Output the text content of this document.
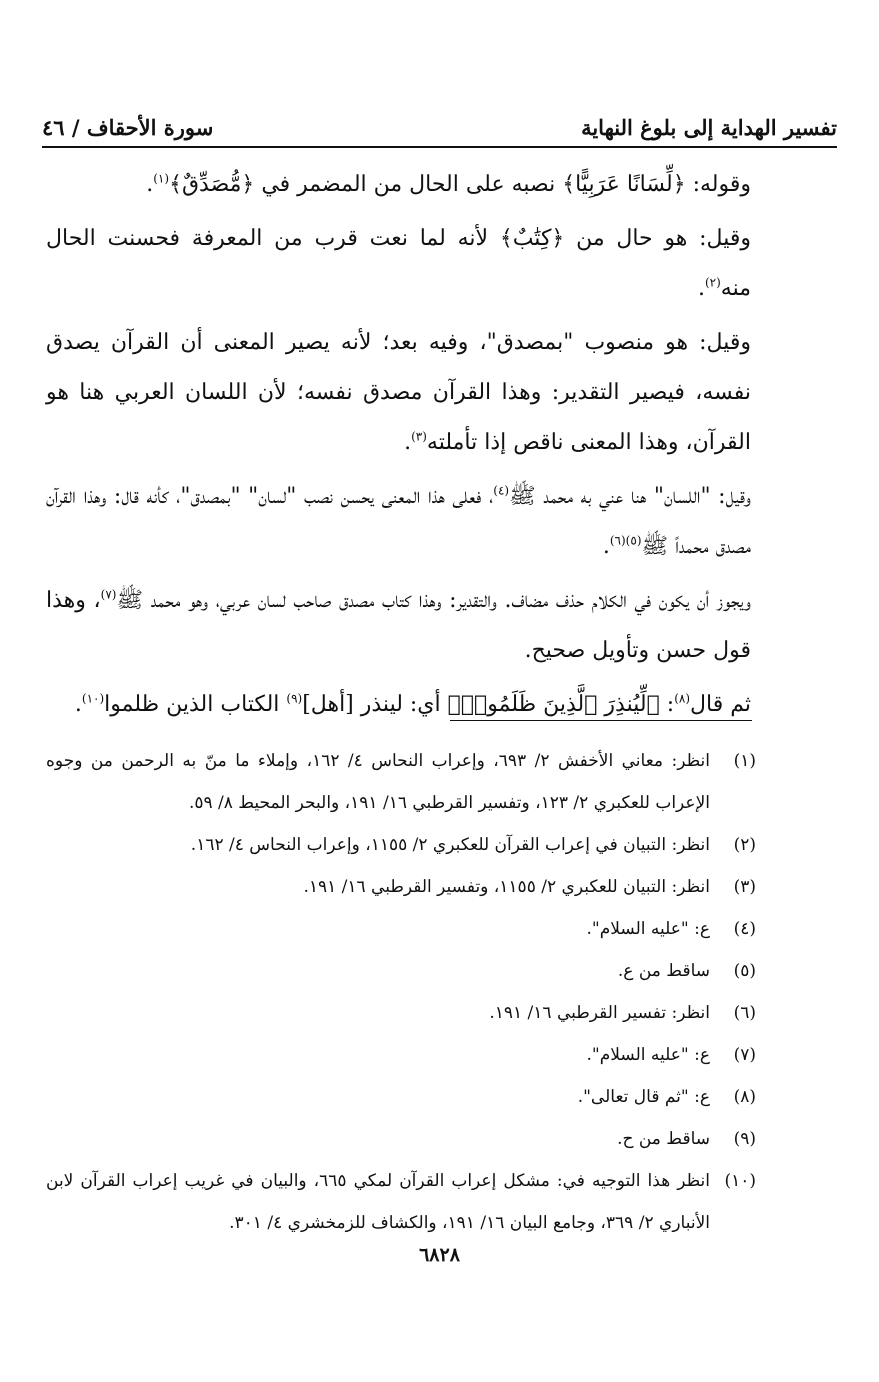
تفسير الهداية إلى بلوغ النهاية
سورة الأحقاف / ٤٦

وقوله: ﴿لِّسَانًا عَرَبِيًّا﴾ نصبه على الحال من المضمر في ﴿مُّصَدِّقٌ﴾$^{(١)}$.

وقيل: هو حال من ﴿كِتَٰبٌ﴾ لأنه لما نعت قرب من المعرفة فحسنت الحال منه$^{(٢)}$.

وقيل: هو منصوب "بمصدق"، وفيه بعد؛ لأنه يصير المعنى أن القرآن يصدق نفسه، فيصير التقدير: وهذا القرآن مصدق نفسه؛ لأن اللسان العربي هنا هو القرآن، وهذا المعنى ناقص إذا تأملته$^{(٣)}$.

وقيل: "اللسان" هنا عني به محمد ﷺ$^{(٤)}$، فعلى هذا المعنى يحسن نصب "لسان" "بمصدق"، كأنه قال: وهذا القرآن مصدق محمداً ﷺ$^{(٥)(٦)}$.

ويجوز أن يكون في الكلام حذف مضاف. والتقدير: وهذا كتاب مصدق صاحب لسان عربي، وهو محمد ﷺ$^{(٧)}$، وهذا قول حسن وتأويل صحيح.

ثم قال$^{(٨)}$: ﴿لِّيُنذِرَ ٱلَّذِينَ ظَلَمُوا۟﴾ أي: لينذر [أهل]$^{(٩)}$ الكتاب الذين ظلموا$^{(١٠)}$.

(١)
انظر: معاني الأخفش ٢/ ٦٩٣، وإعراب النحاس ٤/ ١٦٢، وإملاء ما منّ به الرحمن من وجوه الإعراب للعكبري ٢/ ١٢٣، وتفسير القرطبي ١٦/ ١٩١، والبحر المحيط ٨/ ٥٩.
(٢)
انظر: التبيان في إعراب القرآن للعكبري ٢/ ١١٥٥، وإعراب النحاس ٤/ ١٦٢.
(٣)
انظر: التبيان للعكبري ٢/ ١١٥٥، وتفسير القرطبي ١٦/ ١٩١.
(٤)
ع: "عليه السلام".
(٥)
ساقط من ع.
(٦)
انظر: تفسير القرطبي ١٦/ ١٩١.
(٧)
ع: "عليه السلام".
(٨)
ع: "ثم قال تعالى".
(٩)
ساقط من ح.
(١٠)
انظر هذا التوجيه في: مشكل إعراب القرآن لمكي ٦٦٥، والبيان في غريب إعراب القرآن لابن الأنباري ٢/ ٣٦٩، وجامع البيان ١٦/ ١٩١، والكشاف للزمخشري ٤/ ٣٠١.
٦٨٢٨
